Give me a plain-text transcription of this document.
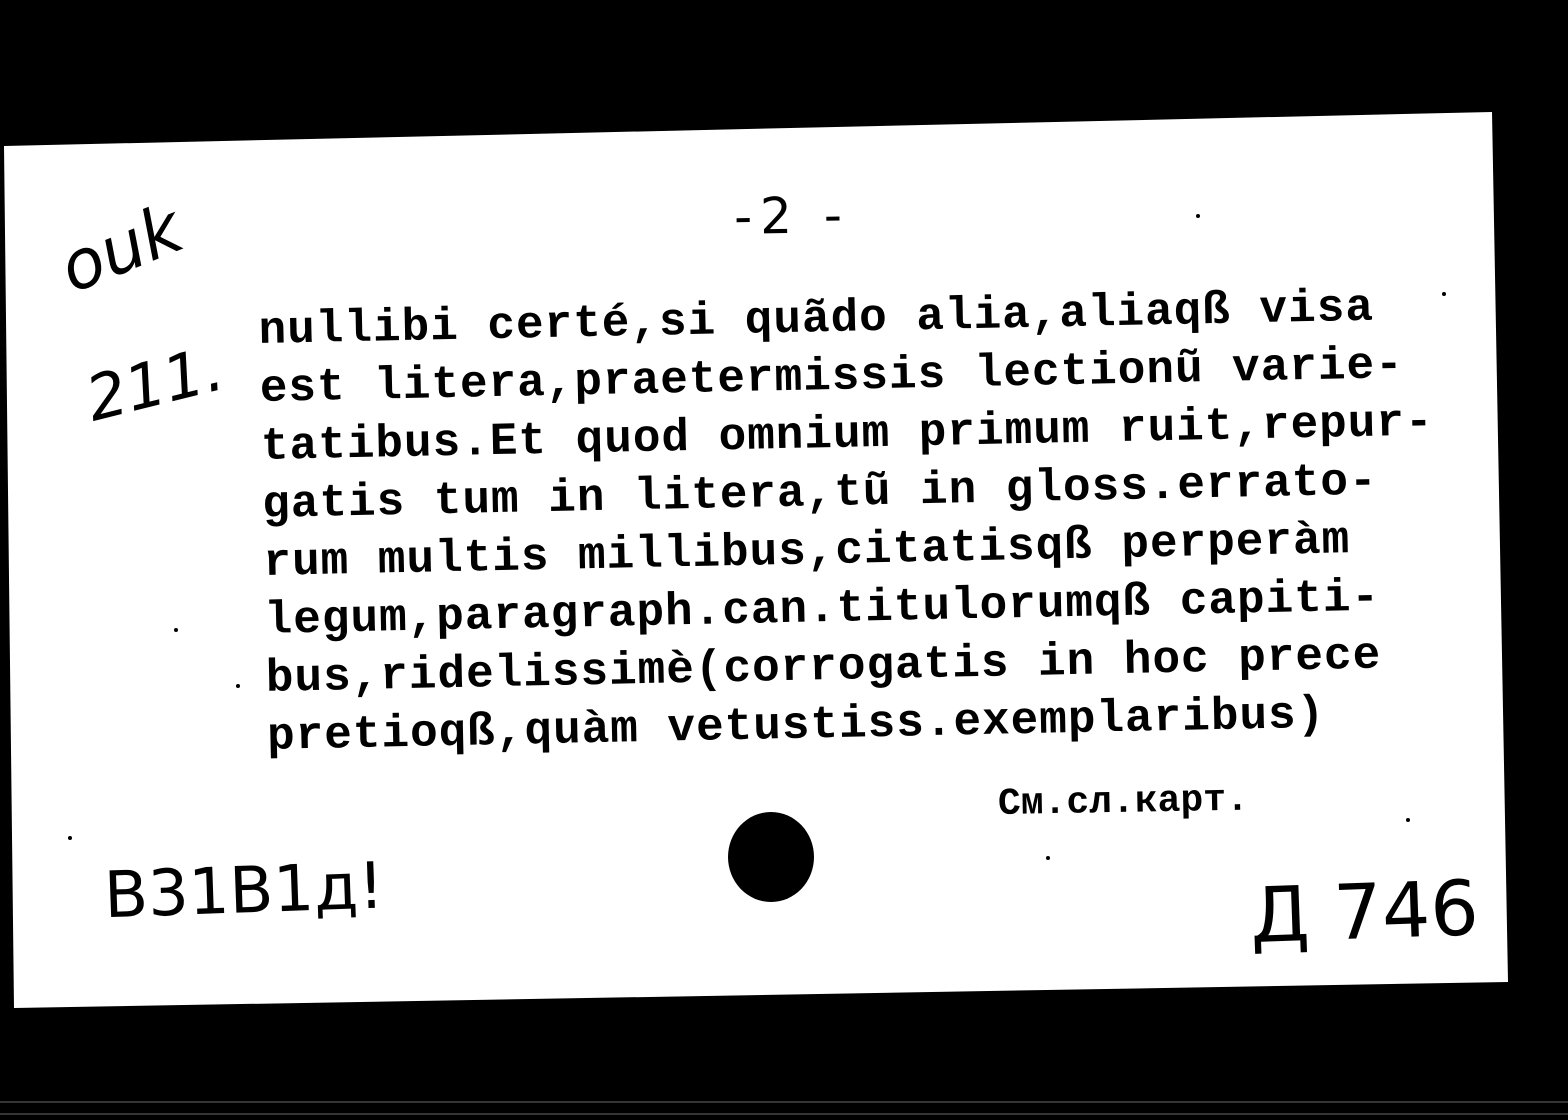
-2 -
ouk
211.
nullibi certé,si quãdo alia,aliaqß visa
est litera,praetermissis lectionũ varie-
tatibus.Et quod omnium primum ruit,repur-
gatis tum in litera,tũ in gloss.errato-
rum multis millibus,citatisqß perperàm
legum,paragraph.can.titulorumqß capiti-
bus,ridelissimè(corrogatis in hoc prece
pretioqß,quàm vetustiss.exemplaribus)
См.сл.карт.
B31B1д!	Д 746
